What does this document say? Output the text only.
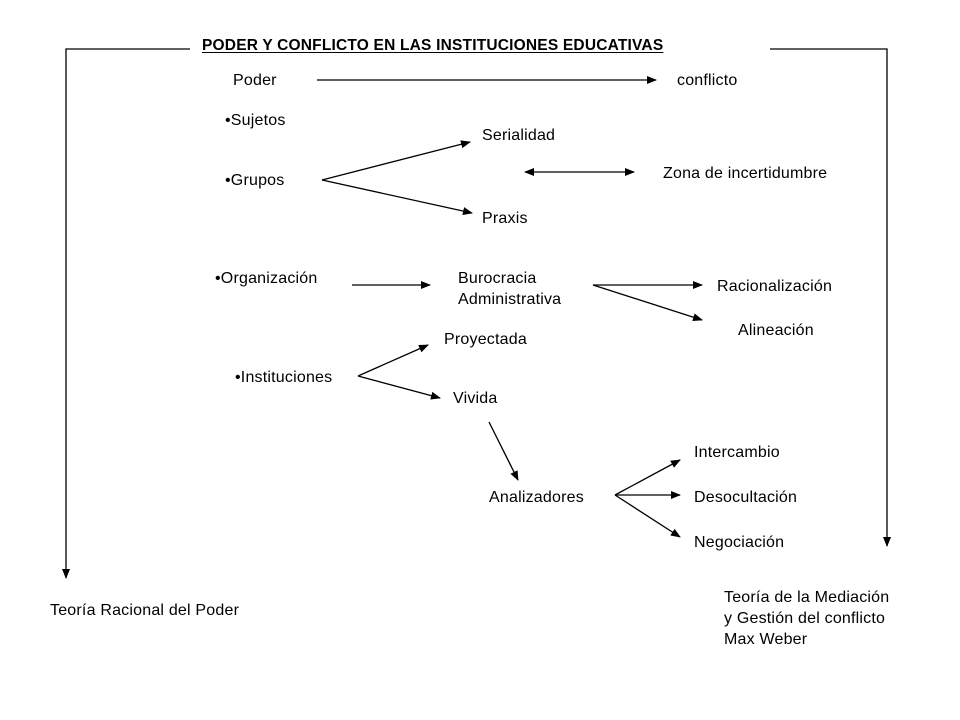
PODER Y CONFLICTO EN LAS INSTITUCIONES EDUCATIVAS
Poder	conflicto
•Sujetos
•Grupos
Serialidad
Praxis
Zona de incertidumbre
•Organización	Burocracia
Administrativa
Racionalización
Alineación
Proyectada
•Instituciones
Vivida
Analizadores
Intercambio
Desocultación
Negociación
Teoría Racional del Poder
Teoría de la Mediación
y Gestión del conflicto
Max Weber
